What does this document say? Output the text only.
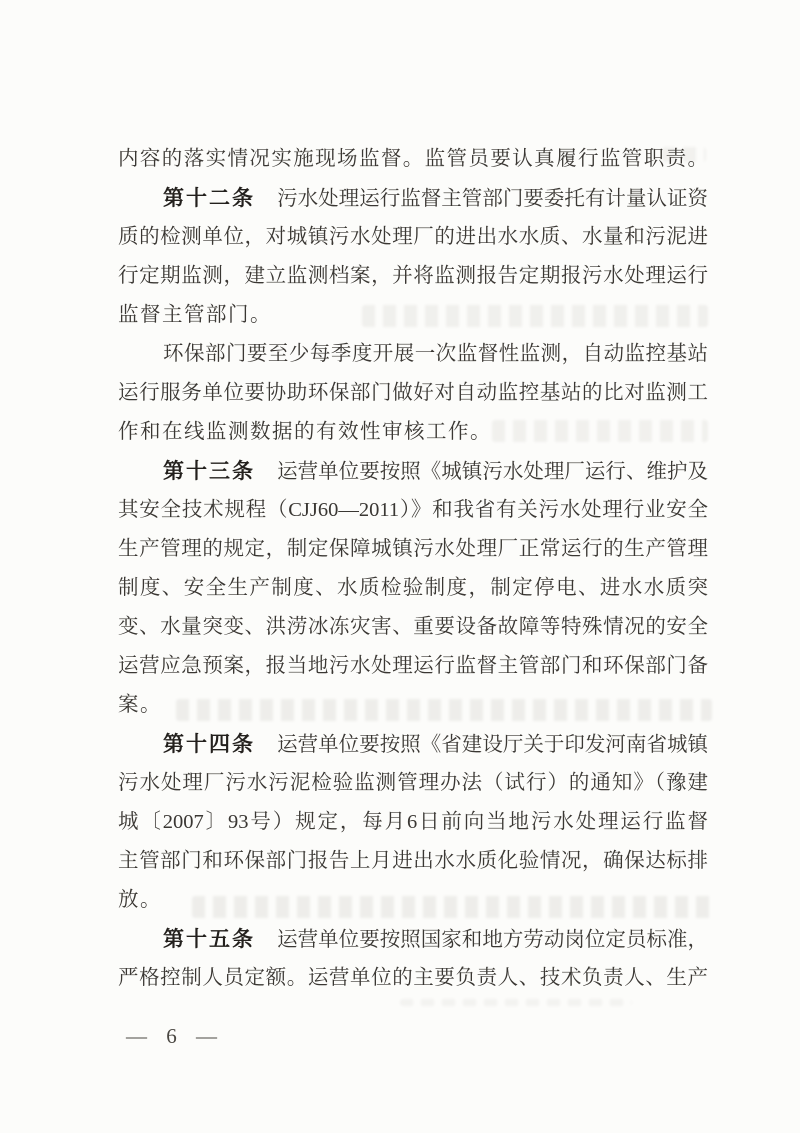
内容的落实情况实施现场监督。监管员要认真履行监管职责。
第十二条 污水处理运行监督主管部门要委托有计量认证资
质的检测单位，对城镇污水处理厂的进出水水质、水量和污泥进
行定期监测，建立监测档案，并将监测报告定期报污水处理运行
监督主管部门。
环保部门要至少每季度开展一次监督性监测，自动监控基站
运行服务单位要协助环保部门做好对自动监控基站的比对监测工
作和在线监测数据的有效性审核工作。
第十三条 运营单位要按照《城镇污水处理厂运行、维护及
其安全技术规程（CJJ60—2011）》和我省有关污水处理行业安全
生产管理的规定，制定保障城镇污水处理厂正常运行的生产管理
制度、安全生产制度、水质检验制度，制定停电、进水水质突
变、水量突变、洪涝冰冻灾害、重要设备故障等特殊情况的安全
运营应急预案，报当地污水处理运行监督主管部门和环保部门备
案。
第十四条 运营单位要按照《省建设厅关于印发河南省城镇
污水处理厂污水污泥检验监测管理办法（试行）的通知》（豫建
城〔2007〕93号）规定，每月6日前向当地污水处理运行监督
主管部门和环保部门报告上月进出水水质化验情况，确保达标排
放。
第十五条 运营单位要按照国家和地方劳动岗位定员标准，
严格控制人员定额。运营单位的主要负责人、技术负责人、生产
— 6 —
